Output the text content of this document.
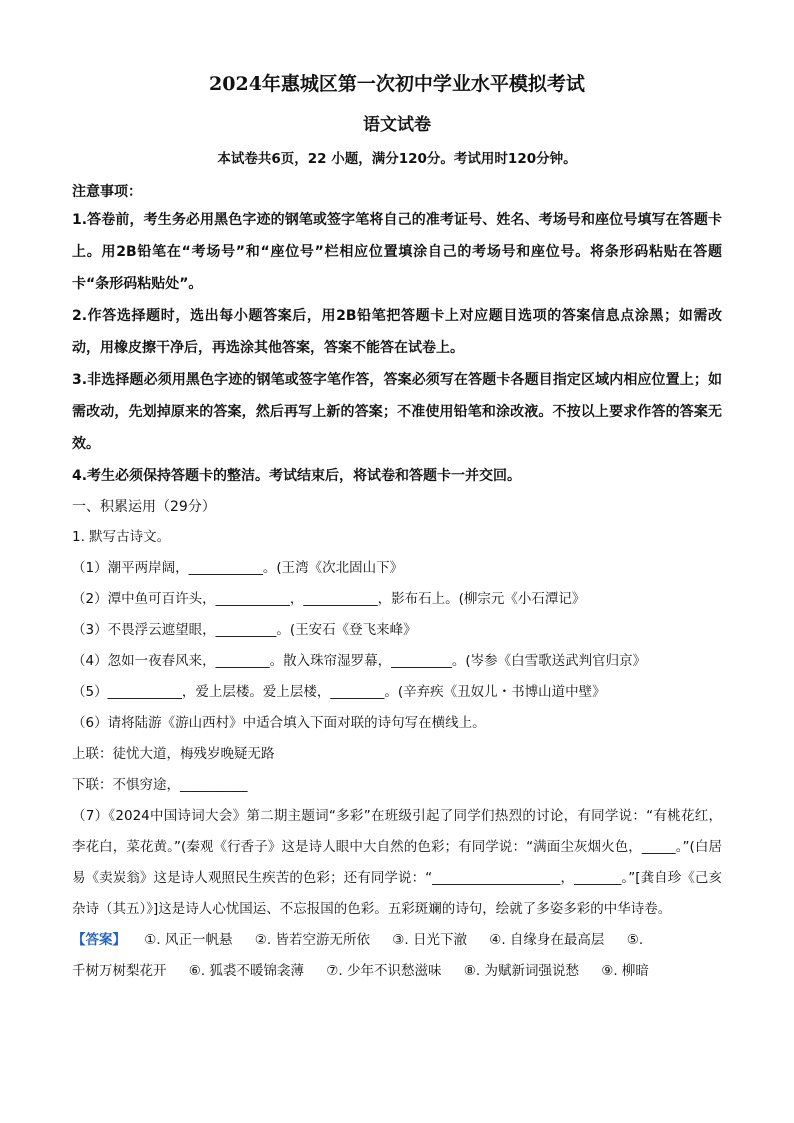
2024年惠城区第一次初中学业水平模拟考试
语文试卷
本试卷共6页，22 小题，满分120分。考试用时120分钟。
注意事项：
1.答卷前，考生务必用黑色字迹的钢笔或签字笔将自己的准考证号、姓名、考场号和座位号填写在答题卡上。用2B铅笔在“考场号”和“座位号”栏相应位置填涂自己的考场号和座位号。将条形码粘贴在答题卡“条形码粘贴处”。
2.作答选择题时，选出每小题答案后，用2B铅笔把答题卡上对应题目选项的答案信息点涂黑；如需改动，用橡皮擦干净后，再选涂其他答案，答案不能答在试卷上。
3.非选择题必须用黑色字迹的钢笔或签字笔作答，答案必须写在答题卡各题目指定区域内相应位置上；如需改动，先划掉原来的答案，然后再写上新的答案；不准使用铅笔和涂改液。不按以上要求作答的答案无效。
4.考生必须保持答题卡的整洁。考试结束后，将试卷和答题卡一并交回。
一、积累运用（29分）
1. 默写古诗文。
（1）潮平两岸阔，___________。(王湾《次北固山下》
（2）潭中鱼可百许头，___________，___________，影布石上。(柳宗元《小石潭记》
（3）不畏浮云遮望眼，_________。(王安石《登飞来峰》
（4）忽如一夜春风来，________。散入珠帘湿罗幕，_________。(岑参《白雪歌送武判官归京》
（5）___________，爱上层楼。爱上层楼，________。(辛弃疾《丑奴儿・书博山道中壁》
（6）请将陆游《游山西村》中适合填入下面对联的诗句写在横线上。
上联：徒忧大道，梅残岁晚疑无路
下联：不惧穷途，__________
（7）《2024中国诗词大会》第二期主题词“多彩”在班级引起了同学们热烈的讨论，有同学说：“有桃花红，李花白，菜花黄。”(秦观《行香子》这是诗人眼中大自然的色彩；有同学说：“满面尘灰烟火色，_____。”(白居易《卖炭翁》这是诗人观照民生疾苦的色彩；还有同学说：“___________________，_______。”[龚自珍《己亥杂诗（其五）》]这是诗人心忧国运、不忘报国的色彩。五彩斑斓的诗句，绘就了多姿多彩的中华诗卷。
【答案】 ①. 风正一帆悬 ②. 皆若空游无所依 ③. 日光下澈 ④. 自缘身在最高层 ⑤.
千树万树梨花开 ⑥. 狐裘不暖锦衾薄 ⑦. 少年不识愁滋味 ⑧. 为赋新词强说愁 ⑨. 柳暗
